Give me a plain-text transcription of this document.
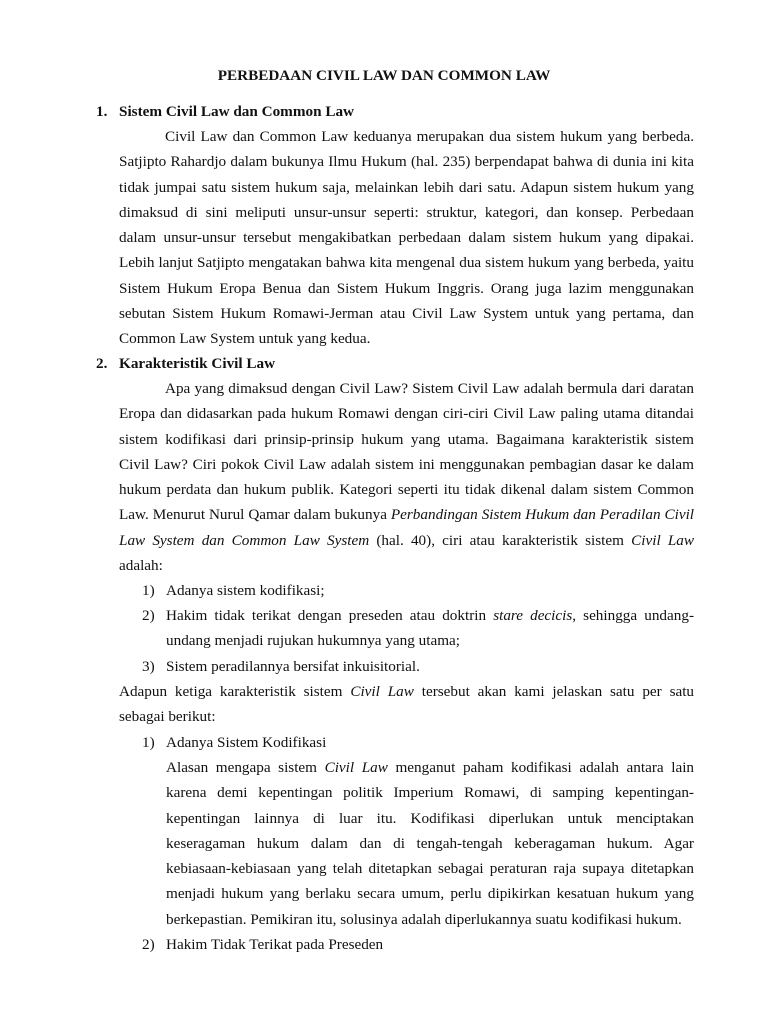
PERBEDAAN CIVIL LAW DAN COMMON LAW
1. Sistem Civil Law dan Common Law

Civil Law dan Common Law keduanya merupakan dua sistem hukum yang berbeda. Satjipto Rahardjo dalam bukunya Ilmu Hukum (hal. 235) berpendapat bahwa di dunia ini kita tidak jumpai satu sistem hukum saja, melainkan lebih dari satu. Adapun sistem hukum yang dimaksud di sini meliputi unsur-unsur seperti: struktur, kategori, dan konsep. Perbedaan dalam unsur-unsur tersebut mengakibatkan perbedaan dalam sistem hukum yang dipakai. Lebih lanjut Satjipto mengatakan bahwa kita mengenal dua sistem hukum yang berbeda, yaitu Sistem Hukum Eropa Benua dan Sistem Hukum Inggris. Orang juga lazim menggunakan sebutan Sistem Hukum Romawi-Jerman atau Civil Law System untuk yang pertama, dan Common Law System untuk yang kedua.

2. Karakteristik Civil Law

Apa yang dimaksud dengan Civil Law? Sistem Civil Law adalah bermula dari daratan Eropa dan didasarkan pada hukum Romawi dengan ciri-ciri Civil Law paling utama ditandai sistem kodifikasi dari prinsip-prinsip hukum yang utama. Bagaimana karakteristik sistem Civil Law? Ciri pokok Civil Law adalah sistem ini menggunakan pembagian dasar ke dalam hukum perdata dan hukum publik. Kategori seperti itu tidak dikenal dalam sistem Common Law. Menurut Nurul Qamar dalam bukunya Perbandingan Sistem Hukum dan Peradilan Civil Law System dan Common Law System (hal. 40), ciri atau karakteristik sistem Civil Law adalah:

1) Adanya sistem kodifikasi;
2) Hakim tidak terikat dengan preseden atau doktrin stare decicis, sehingga undang-undang menjadi rujukan hukumnya yang utama;
3) Sistem peradilannya bersifat inkuisitorial.

Adapun ketiga karakteristik sistem Civil Law tersebut akan kami jelaskan satu per satu sebagai berikut:

1) Adanya Sistem Kodifikasi

Alasan mengapa sistem Civil Law menganut paham kodifikasi adalah antara lain karena demi kepentingan politik Imperium Romawi, di samping kepentingan-kepentingan lainnya di luar itu. Kodifikasi diperlukan untuk menciptakan keseragaman hukum dalam dan di tengah-tengah keberagaman hukum. Agar kebiasaan-kebiasaan yang telah ditetapkan sebagai peraturan raja supaya ditetapkan menjadi hukum yang berlaku secara umum, perlu dipikirkan kesatuan hukum yang berkepastian. Pemikiran itu, solusinya adalah diperlukannya suatu kodifikasi hukum.

2) Hakim Tidak Terikat pada Preseden
